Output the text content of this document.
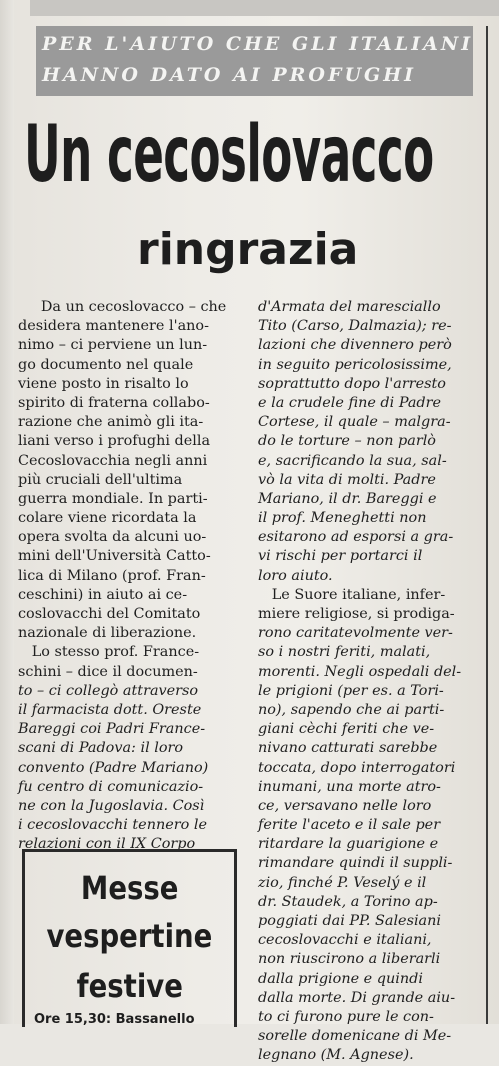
PER L'AIUTO CHE GLI ITALIANI
HANNO DATO AI PROFUGHI
Un cecoslovacco
ringrazia
Da un cecoslovacco – che
desidera mantenere l'ano-
nimo – ci perviene un lun-
go documento nel quale
viene posto in risalto lo
spirito di fraterna collabo-
razione che animò gli ita-
liani verso i profughi della
Cecoslovacchia negli anni
più cruciali dell'ultima
guerra mondiale. In parti-
colare viene ricordata la
opera svolta da alcuni uo-
mini dell'Università Catto-
lica di Milano (prof. Fran-
ceschini) in aiuto ai ce-
coslovacchi del Comitato
nazionale di liberazione.
Lo stesso prof. France-
schini – dice il documen-
to – ci collegò attraverso
il farmacista dott. Oreste
Bareggi coi Padri France-
scani di Padova: il loro
convento (Padre Mariano)
fu centro di comunicazio-
ne con la Jugoslavia. Così
i cecoslovacchi tennero le
relazioni con il IX Corpo
d'Armata del maresciallo
Tito (Carso, Dalmazia); re-
lazioni che divennero però
in seguito pericolosissime,
soprattutto dopo l'arresto
e la crudele fine di Padre
Cortese, il quale – malgra-
do le torture – non parlò
e, sacrificando la sua, sal-
vò la vita di molti. Padre
Mariano, il dr. Bareggi e
il prof. Meneghetti non
esitarono ad esporsi a gra-
vi rischi per portarci il
loro aiuto.
Le Suore italiane, infer-
miere religiose, si prodiga-
rono caritatevolmente ver-
so i nostri feriti, malati,
morenti. Negli ospedali del-
le prigioni (per es. a Tori-
no), sapendo che ai parti-
giani cèchi feriti che ve-
nivano catturati sarebbe
toccata, dopo interrogatori
inumani, una morte atro-
ce, versavano nelle loro
ferite l'aceto e il sale per
ritardare la guarigione e
rimandare quindi il suppli-
zio, finché P. Veselý e il
dr. Staudek, a Torino ap-
poggiati dai PP. Salesiani
cecoslovacchi e italiani,
non riuscirono a liberarli
dalla prigione e quindi
dalla morte. Di grande aiu-
to ci furono pure le con-
sorelle domenicane di Me-
legnano (M. Agnese).
Messe
vespertine
festive
Ore 15,30: Bassanello
